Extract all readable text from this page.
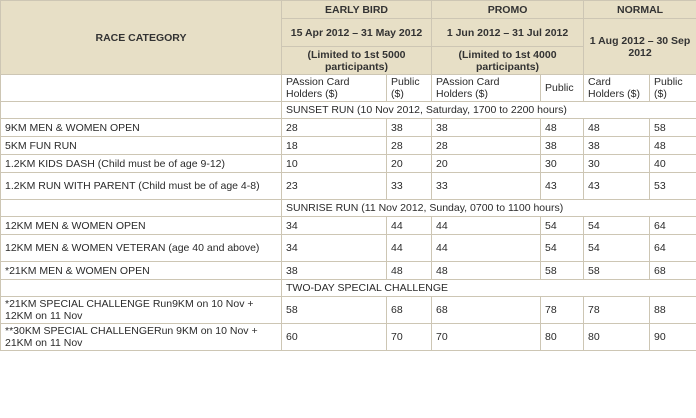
RACE CATEGORY	EARLY BIRD		PROMO		NORMAL	
	15 Apr 2012 – 31 May 2012		1 Jun 2012 – 31 Jul 2012		1 Aug 2012 – 30 Sep 2012	
	(Limited to 1st 5000 participants)		(Limited to 1st 4000 participants)			
	PAssion Card Holders ($)	Public ($)	PAssion Card Holders ($)	Public	Card Holders ($)	Public ($)
	SUNSET RUN (10 Nov 2012, Saturday, 1700 to 2200 hours)					
9KM MEN & WOMEN OPEN	28	38	38	48	48	58
5KM FUN RUN	18	28	28	38	38	48
1.2KM KIDS DASH (Child must be of age 9-12)	10	20	20	30	30	40
1.2KM RUN WITH PARENT (Child must be of age 4-8)	23	33	33	43	43	53
	SUNRISE RUN (11 Nov 2012, Sunday, 0700 to 1100 hours)					
12KM MEN & WOMEN OPEN	34	44	44	54	54	64
12KM MEN & WOMEN VETERAN (age 40 and above)	34	44	44	54	54	64
*21KM MEN & WOMEN OPEN	38	48	48	58	58	68
	TWO-DAY SPECIAL CHALLENGE					
*21KM SPECIAL CHALLENGE Run9KM on 10 Nov + 12KM on 11 Nov	58	68	68	78	78	88
**30KM SPECIAL CHALLENGERun 9KM on 10 Nov + 21KM on 11 Nov	60	70	70	80	80	90
